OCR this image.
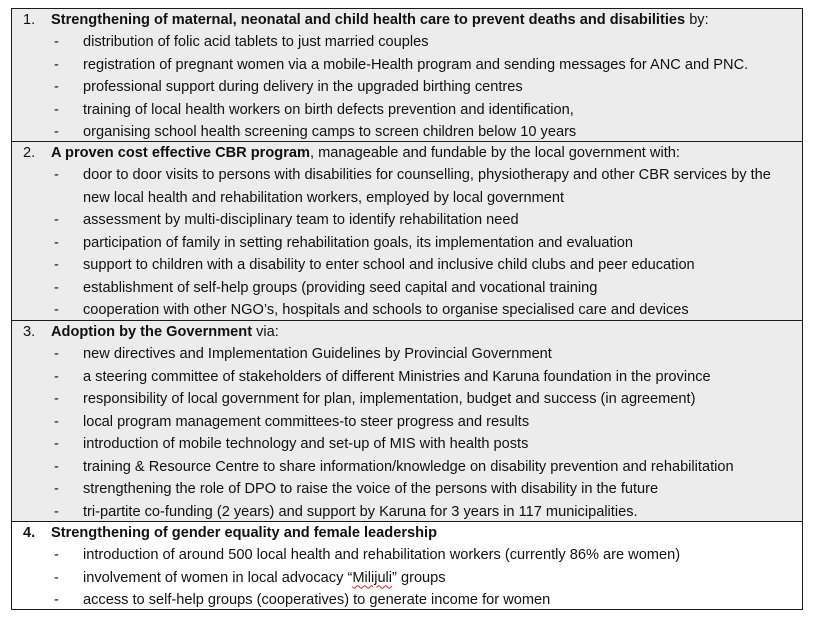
1.	Strengthening of maternal, neonatal and child health care to prevent deaths and disabilities by:
-	distribution of folic acid tablets to just married couples
-	registration of pregnant women via a mobile-Health program and sending messages for ANC and PNC.
-	professional support during delivery in the upgraded birthing centres
-	training of local health workers on birth defects prevention and identification,
-	organising school health screening camps to screen children below 10 years
2.	A proven cost effective CBR program, manageable and fundable by the local government with:
-	door to door visits to persons with disabilities for counselling, physiotherapy and other CBR services by the new local health and rehabilitation workers, employed by local government
-	assessment by multi-disciplinary team to identify rehabilitation need
-	participation of family in setting rehabilitation goals, its implementation and evaluation
-	support to children with a disability to enter school and inclusive child clubs and peer education
-	establishment of self-help groups (providing seed capital and vocational training
-	cooperation with other NGO’s, hospitals and schools to organise specialised care and devices
3.	Adoption by the Government via:
-	new directives and Implementation Guidelines by Provincial Government
-	a steering committee of stakeholders of different Ministries and Karuna foundation in the province
-	responsibility of local government for plan, implementation, budget and success (in agreement)
-	local program management committees-to steer progress and results
-	introduction of mobile technology and set-up of MIS with health posts
-	training & Resource Centre to share information/knowledge on disability prevention and rehabilitation
-	strengthening the role of DPO to raise the voice of the persons with disability in the future
-	tri-partite co-funding (2 years) and support by Karuna for 3 years in 117 municipalities.
4.	Strengthening of gender equality and female leadership
-	introduction of around 500 local health and rehabilitation workers (currently 86% are women)
-	involvement of women in local advocacy “Milijuli” groups
-	access to self-help groups (cooperatives) to generate income for women
